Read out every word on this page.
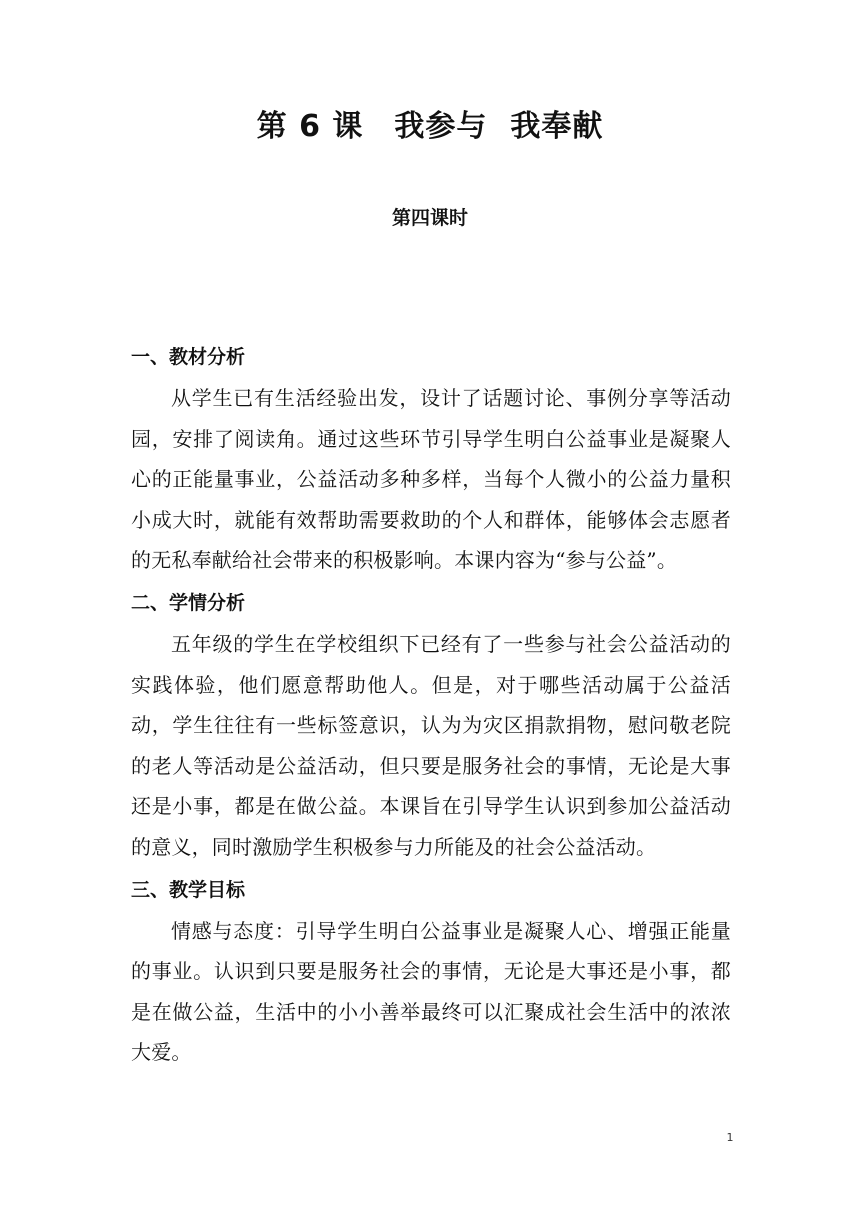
第 6 课　我参与  我奉献
第四课时

一、教材分析

从学生已有生活经验出发，设计了话题讨论、事例分享等活动园，安排了阅读角。通过这些环节引导学生明白公益事业是凝聚人心的正能量事业，公益活动多种多样，当每个人微小的公益力量积小成大时，就能有效帮助需要救助的个人和群体，能够体会志愿者的无私奉献给社会带来的积极影响。本课内容为“参与公益”。

二、学情分析

五年级的学生在学校组织下已经有了一些参与社会公益活动的实践体验，他们愿意帮助他人。但是，对于哪些活动属于公益活动，学生往往有一些标签意识，认为为灾区捐款捐物，慰问敬老院的老人等活动是公益活动，但只要是服务社会的事情，无论是大事还是小事，都是在做公益。本课旨在引导学生认识到参加公益活动的意义，同时激励学生积极参与力所能及的社会公益活动。

三、教学目标

情感与态度：引导学生明白公益事业是凝聚人心、增强正能量的事业。认识到只要是服务社会的事情，无论是大事还是小事，都是在做公益，生活中的小小善举最终可以汇聚成社会生活中的浓浓大爱。

1
